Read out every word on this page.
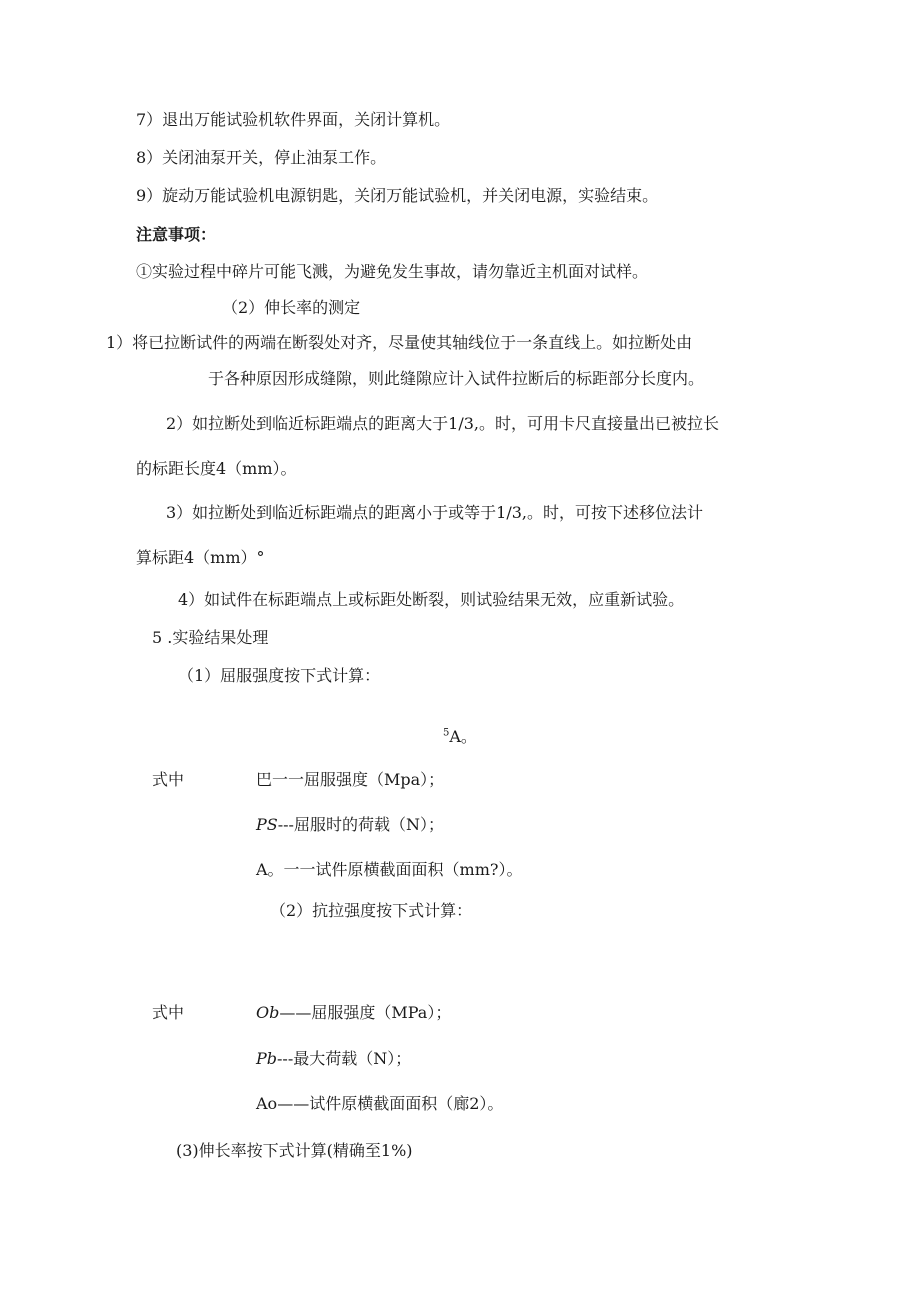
7）退出万能试验机软件界面，关闭计算机。
8）关闭油泵开关，停止油泵工作。
9）旋动万能试验机电源钥匙，关闭万能试验机，并关闭电源，实验结束。
注意事项：
①实验过程中碎片可能飞溅，为避免发生事故，请勿靠近主机面对试样。
（2）伸长率的测定
1）将已拉断试件的两端在断裂处对齐，尽量使其轴线位于一条直线上。如拉断处由
于各种原因形成缝隙，则此缝隙应计入试件拉断后的标距部分长度内。
2）如拉断处到临近标距端点的距离大于1/3,。时，可用卡尺直接量出已被拉长
的标距长度4（mm）。
3）如拉断处到临近标距端点的距离小于或等于1/3,。时，可按下述移位法计
算标距4（mm）°
4）如试件在标距端点上或标距处断裂，则试验结果无效，应重新试验。
5 .实验结果处理
（1）屈服强度按下式计算：
$^5$A。
式中	巴一一屈服强度（Mpa）；
PS---屈服时的荷载（N）；
A。一一试件原横截面面积（mm?）。
（2）抗拉强度按下式计算：
式中	Ob——屈服强度（MPa）；
Pb---最大荷载（N）；
Ao——试件原横截面面积（廊2）。
(3)伸长率按下式计算(精确至1%)
